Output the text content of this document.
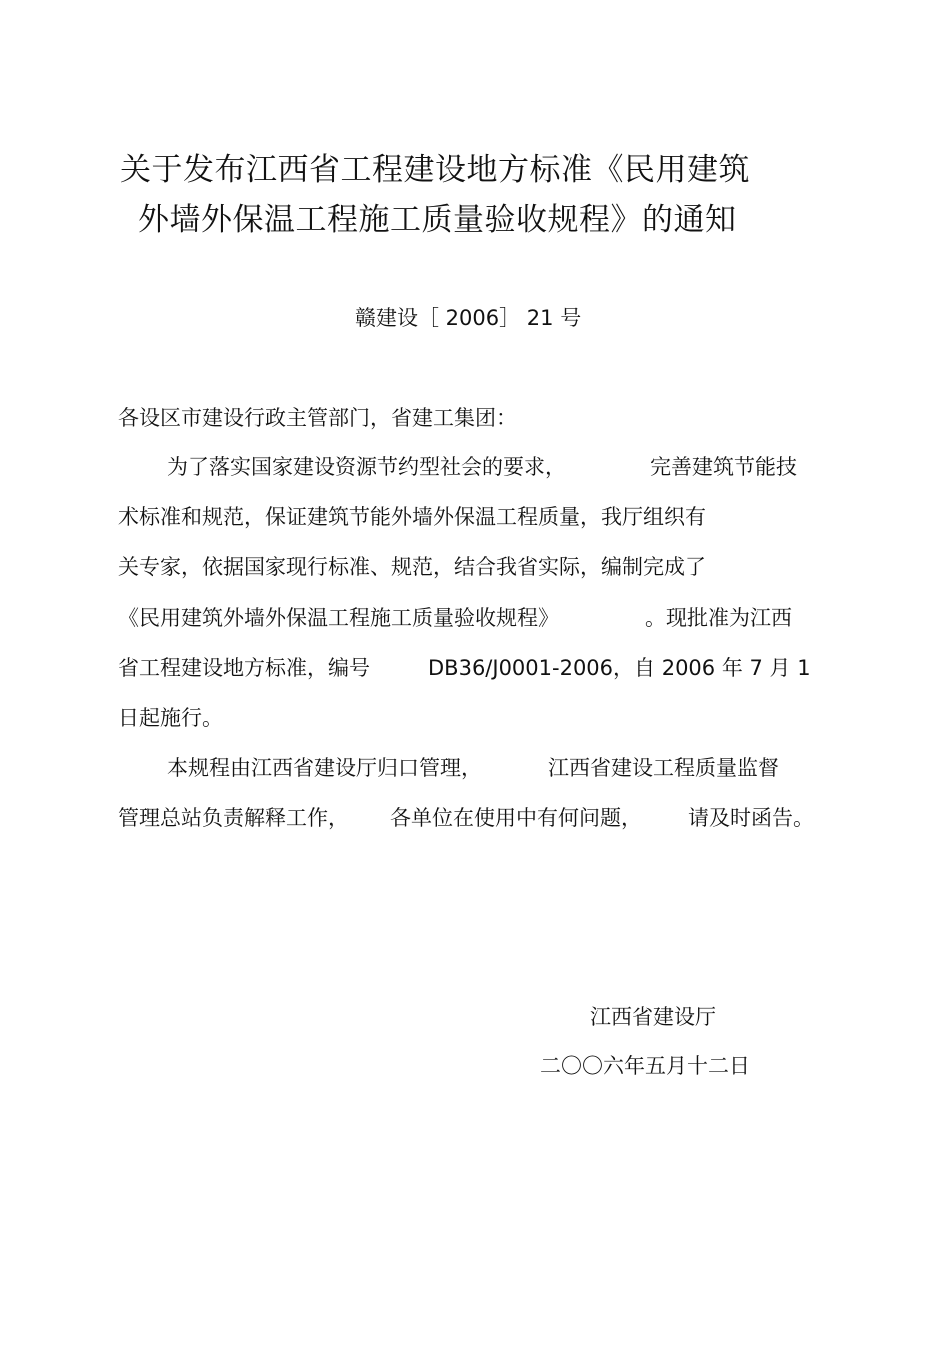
关于发布江西省工程建设地方标准《民用建筑
外墙外保温工程施工质量验收规程》的通知
赣建设［ 2006］ 21 号
各设区市建设行政主管部门，省建工集团：
为了落实国家建设资源节约型社会的要求，	完善建筑节能技
术标准和规范，保证建筑节能外墙外保温工程质量，我厅组织有
关专家，依据国家现行标准、规范，结合我省实际，编制完成了
《民用建筑外墙外保温工程施工质量验收规程》	。现批准为江西
省工程建设地方标准，编号	DB36/J0001-2006，自 2006 年 7 月 1
日起施行。
本规程由江西省建设厅归口管理，	江西省建设工程质量监督
管理总站负责解释工作， 各单位在使用中有何问题， 请及时函告。
江西省建设厅
二〇〇六年五月十二日
